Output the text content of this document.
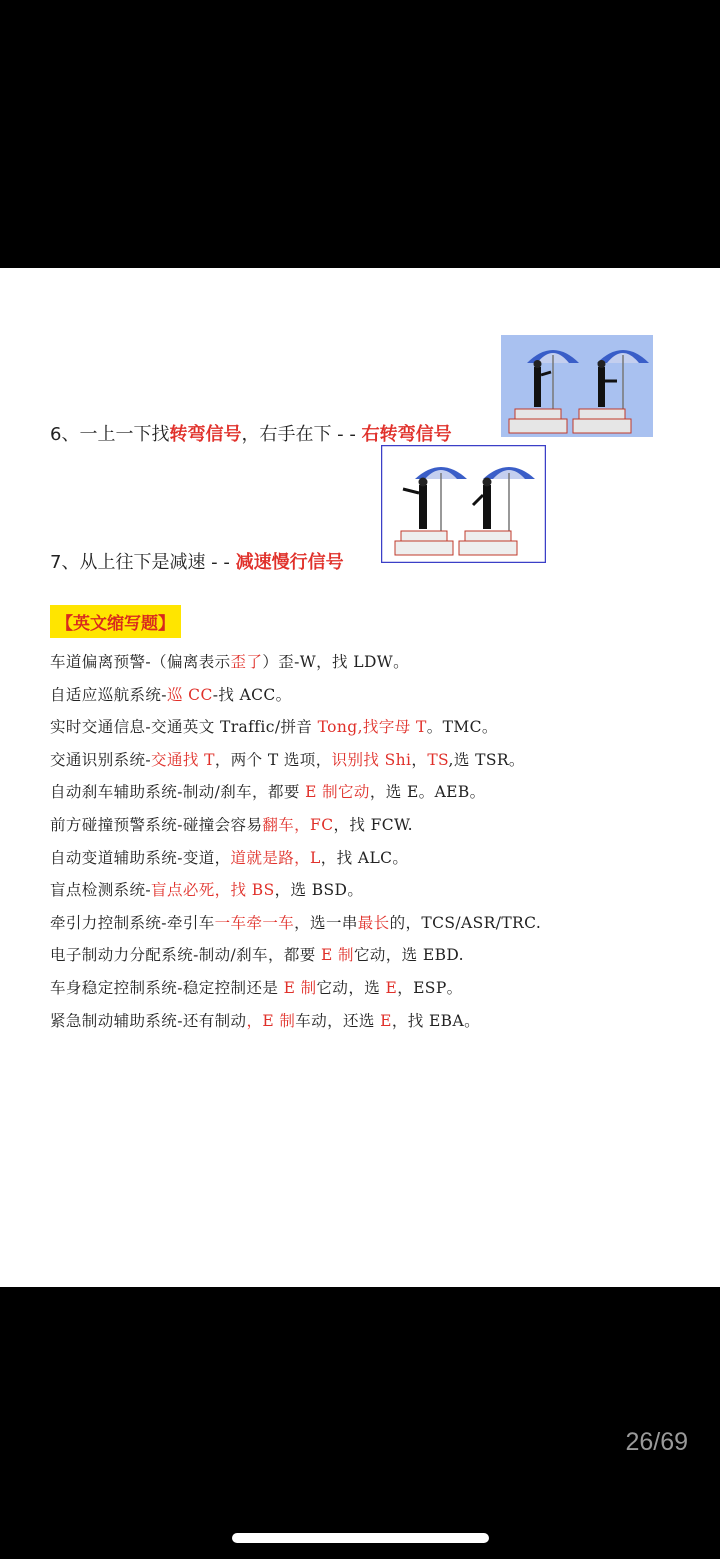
6、一上一下找转弯信号，右手在下 - - 右转弯信号
7、从上往下是减速 - - 减速慢行信号
【英文缩写题】
车道偏离预警-（偏离表示歪了）歪-W，找 LDW。
自适应巡航系统-巡 CC-找 ACC。
实时交通信息-交通英文 Traffic/拼音 Tong,找字母 T。TMC。
交通识别系统-交通找 T，两个 T 选项，识别找 Shi，TS,选 TSR。
自动刹车辅助系统-制动/刹车，都要 E 制它动，选 E。AEB。
前方碰撞预警系统-碰撞会容易翻车，FC，找 FCW.
自动变道辅助系统-变道，道就是路，L，找 ALC。
盲点检测系统-盲点必死，找 BS，选 BSD。
牵引力控制系统-牵引车一车牵一车，选一串最长的，TCS/ASR/TRC.
电子制动力分配系统-制动/刹车，都要 E 制它动，选 EBD.
车身稳定控制系统-稳定控制还是 E 制它动，选 E，ESP。
紧急制动辅助系统-还有制动，E 制车动，还选 E，找 EBA。
26/69
